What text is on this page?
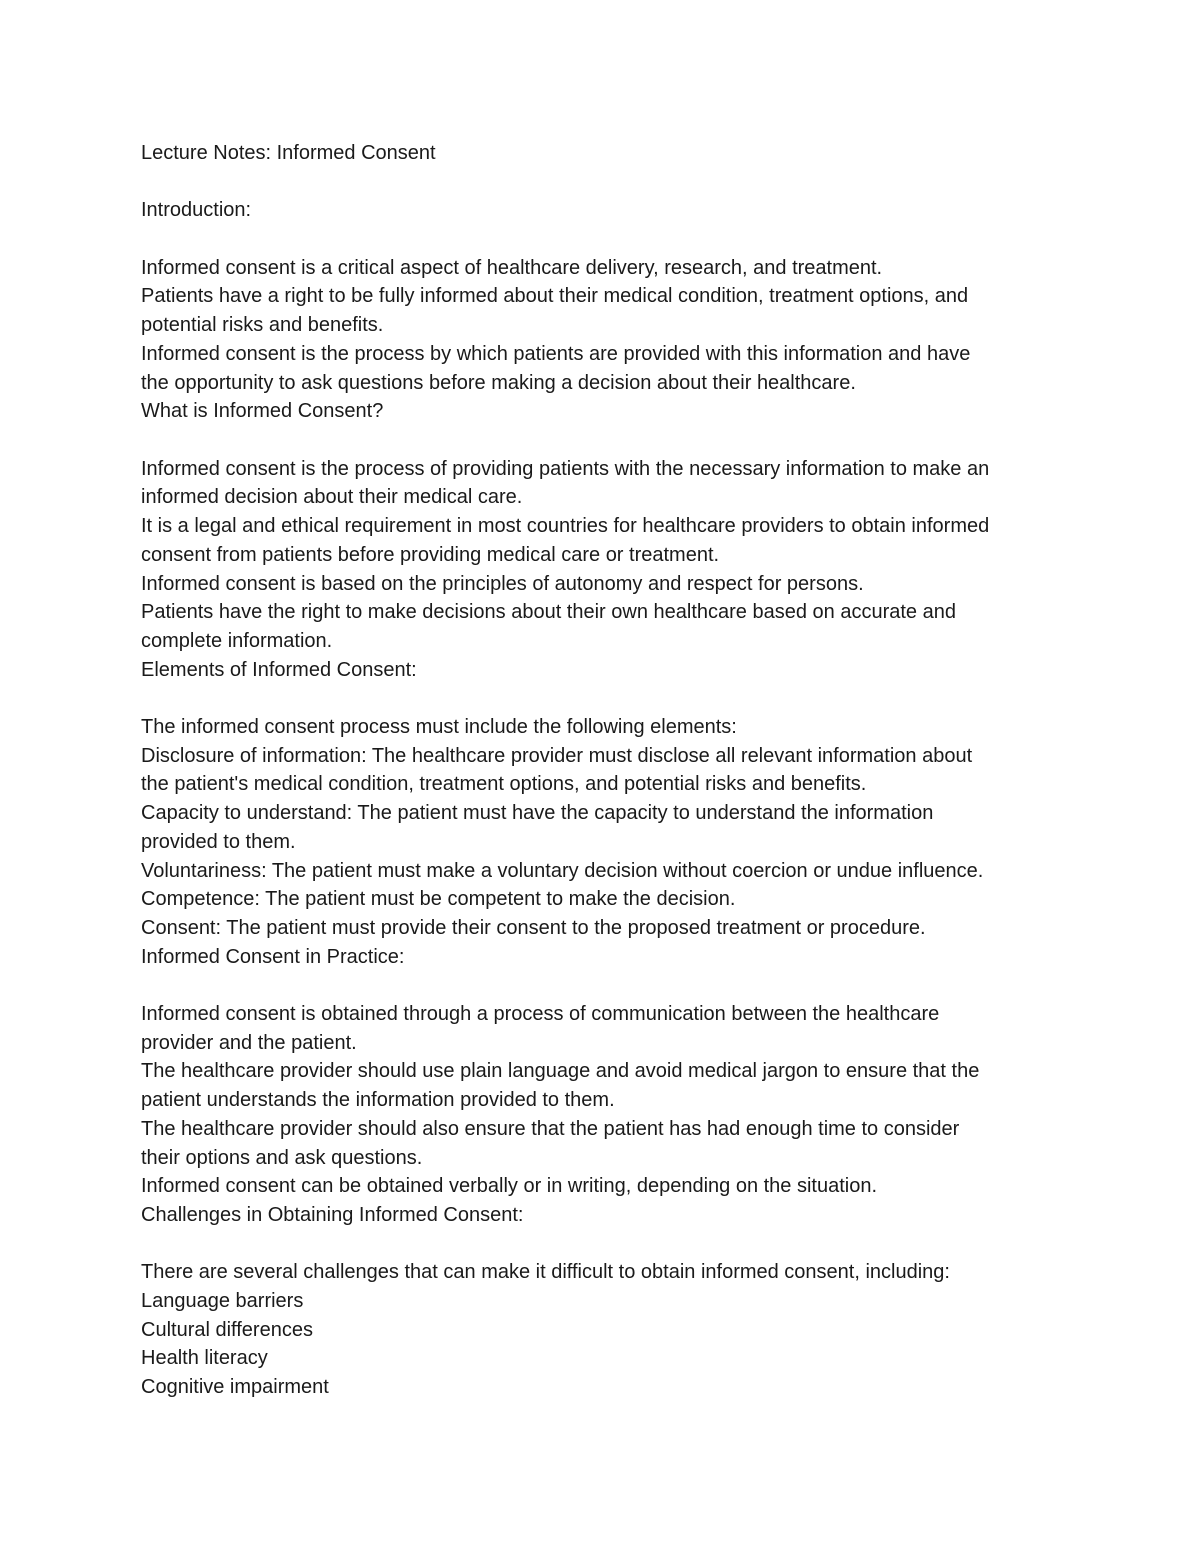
Lecture Notes: Informed Consent
Introduction:
Informed consent is a critical aspect of healthcare delivery, research, and treatment.
Patients have a right to be fully informed about their medical condition, treatment options, and
potential risks and benefits.
Informed consent is the process by which patients are provided with this information and have
the opportunity to ask questions before making a decision about their healthcare.
What is Informed Consent?
Informed consent is the process of providing patients with the necessary information to make an
informed decision about their medical care.
It is a legal and ethical requirement in most countries for healthcare providers to obtain informed
consent from patients before providing medical care or treatment.
Informed consent is based on the principles of autonomy and respect for persons.
Patients have the right to make decisions about their own healthcare based on accurate and
complete information.
Elements of Informed Consent:
The informed consent process must include the following elements:
Disclosure of information: The healthcare provider must disclose all relevant information about
the patient's medical condition, treatment options, and potential risks and benefits.
Capacity to understand: The patient must have the capacity to understand the information
provided to them.
Voluntariness: The patient must make a voluntary decision without coercion or undue influence.
Competence: The patient must be competent to make the decision.
Consent: The patient must provide their consent to the proposed treatment or procedure.
Informed Consent in Practice:
Informed consent is obtained through a process of communication between the healthcare
provider and the patient.
The healthcare provider should use plain language and avoid medical jargon to ensure that the
patient understands the information provided to them.
The healthcare provider should also ensure that the patient has had enough time to consider
their options and ask questions.
Informed consent can be obtained verbally or in writing, depending on the situation.
Challenges in Obtaining Informed Consent:
There are several challenges that can make it difficult to obtain informed consent, including:
Language barriers
Cultural differences
Health literacy
Cognitive impairment
